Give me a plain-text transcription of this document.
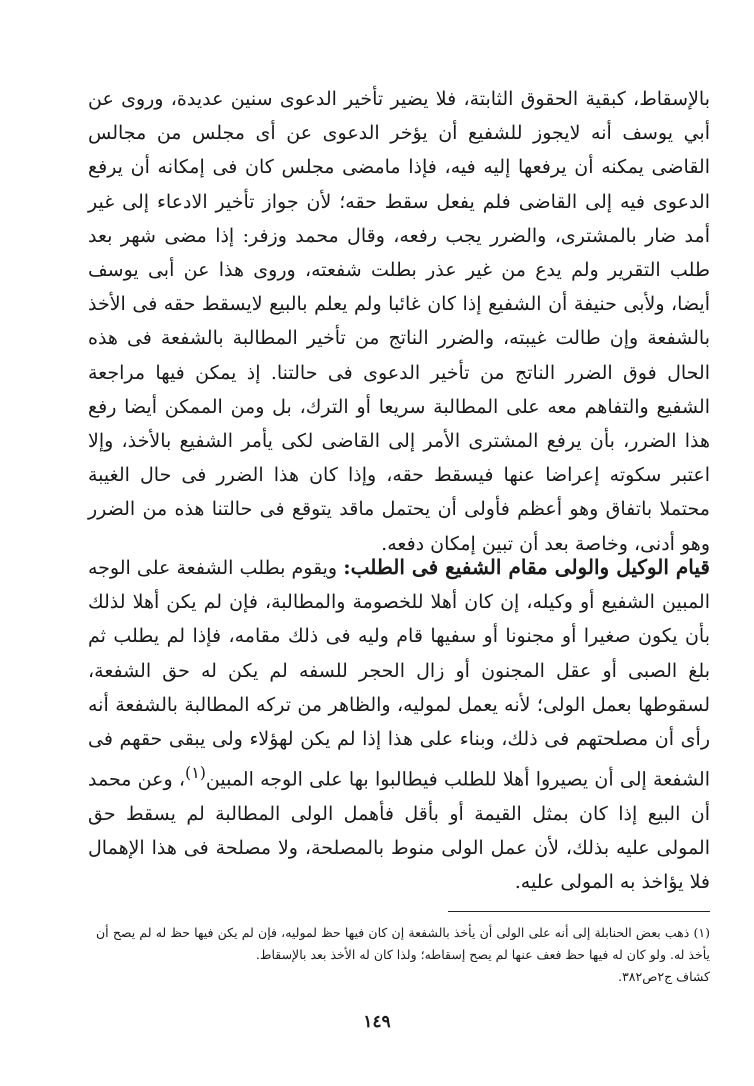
بالإسقاط، كبقية الحقوق الثابتة، فلا يضير تأخير الدعوى سنين عديدة، وروى عن أبي يوسف أنه لايجوز للشفيع أن يؤخر الدعوى عن أى مجلس من مجالس القاضى يمكنه أن يرفعها إليه فيه، فإذا مامضى مجلس كان فى إمكانه أن يرفع الدعوى فيه إلى القاضى فلم يفعل سقط حقه؛ لأن جواز تأخير الادعاء إلى غير أمد ضار بالمشترى، والضرر يجب رفعه، وقال محمد وزفر: إذا مضى شهر بعد طلب التقرير ولم يدع من غير عذر بطلت شفعته، وروى هذا عن أبى يوسف أيضا، ولأبى حنيفة أن الشفيع إذا كان غائبا ولم يعلم بالبيع لايسقط حقه فى الأخذ بالشفعة وإن طالت غيبته، والضرر الناتج من تأخير المطالبة بالشفعة فى هذه الحال فوق الضرر الناتج من تأخير الدعوى فى حالتنا. إذ يمكن فيها مراجعة الشفيع والتفاهم معه على المطالبة سريعا أو الترك، بل ومن الممكن أيضا رفع هذا الضرر، بأن يرفع المشترى الأمر إلى القاضى لكى يأمر الشفيع بالأخذ، وإلا اعتبر سكوته إعراضا عنها فيسقط حقه، وإذا كان هذا الضرر فى حال الغيبة محتملا باتفاق وهو أعظم فأولى أن يحتمل ماقد يتوقع فى حالتنا هذه من الضرر وهو أدنى، وخاصة بعد أن تبين إمكان دفعه.

قيام الوكيل والولى مقام الشفيع فى الطلب: ويقوم بطلب الشفعة على الوجه المبين الشفيع أو وكيله، إن كان أهلا للخصومة والمطالبة، فإن لم يكن أهلا لذلك بأن يكون صغيرا أو مجنونا أو سفيها قام وليه فى ذلك مقامه، فإذا لم يطلب ثم بلغ الصبى أو عقل المجنون أو زال الحجر للسفه لم يكن له حق الشفعة، لسقوطها بعمل الولى؛ لأنه يعمل لموليه، والظاهر من تركه المطالبة بالشفعة أنه رأى أن مصلحتهم فى ذلك، وبناء على هذا إذا لم يكن لهؤلاء ولى يبقى حقهم فى الشفعة إلى أن يصيروا أهلا للطلب فيطالبوا بها على الوجه المبين$^{(١)}$، وعن محمد أن البيع إذا كان بمثل القيمة أو بأقل فأهمل الولى المطالبة لم يسقط حق المولى عليه بذلك، لأن عمل الولى منوط بالمصلحة، ولا مصلحة فى هذا الإهمال فلا يؤاخذ به المولى عليه.

(١) ذهب بعض الحنابلة إلى أنه على الولى أن يأخذ بالشفعة إن كان فيها حظ لموليه، فإن لم يكن فيها حظ له لم يصح أن يأخذ له. ولو كان له فيها حظ فعف عنها لم يصح إسقاطه؛ ولذا كان له الأخذ بعد بالإسقاط.

كشاف ج٢ص٣٨٢.

١٤٩
